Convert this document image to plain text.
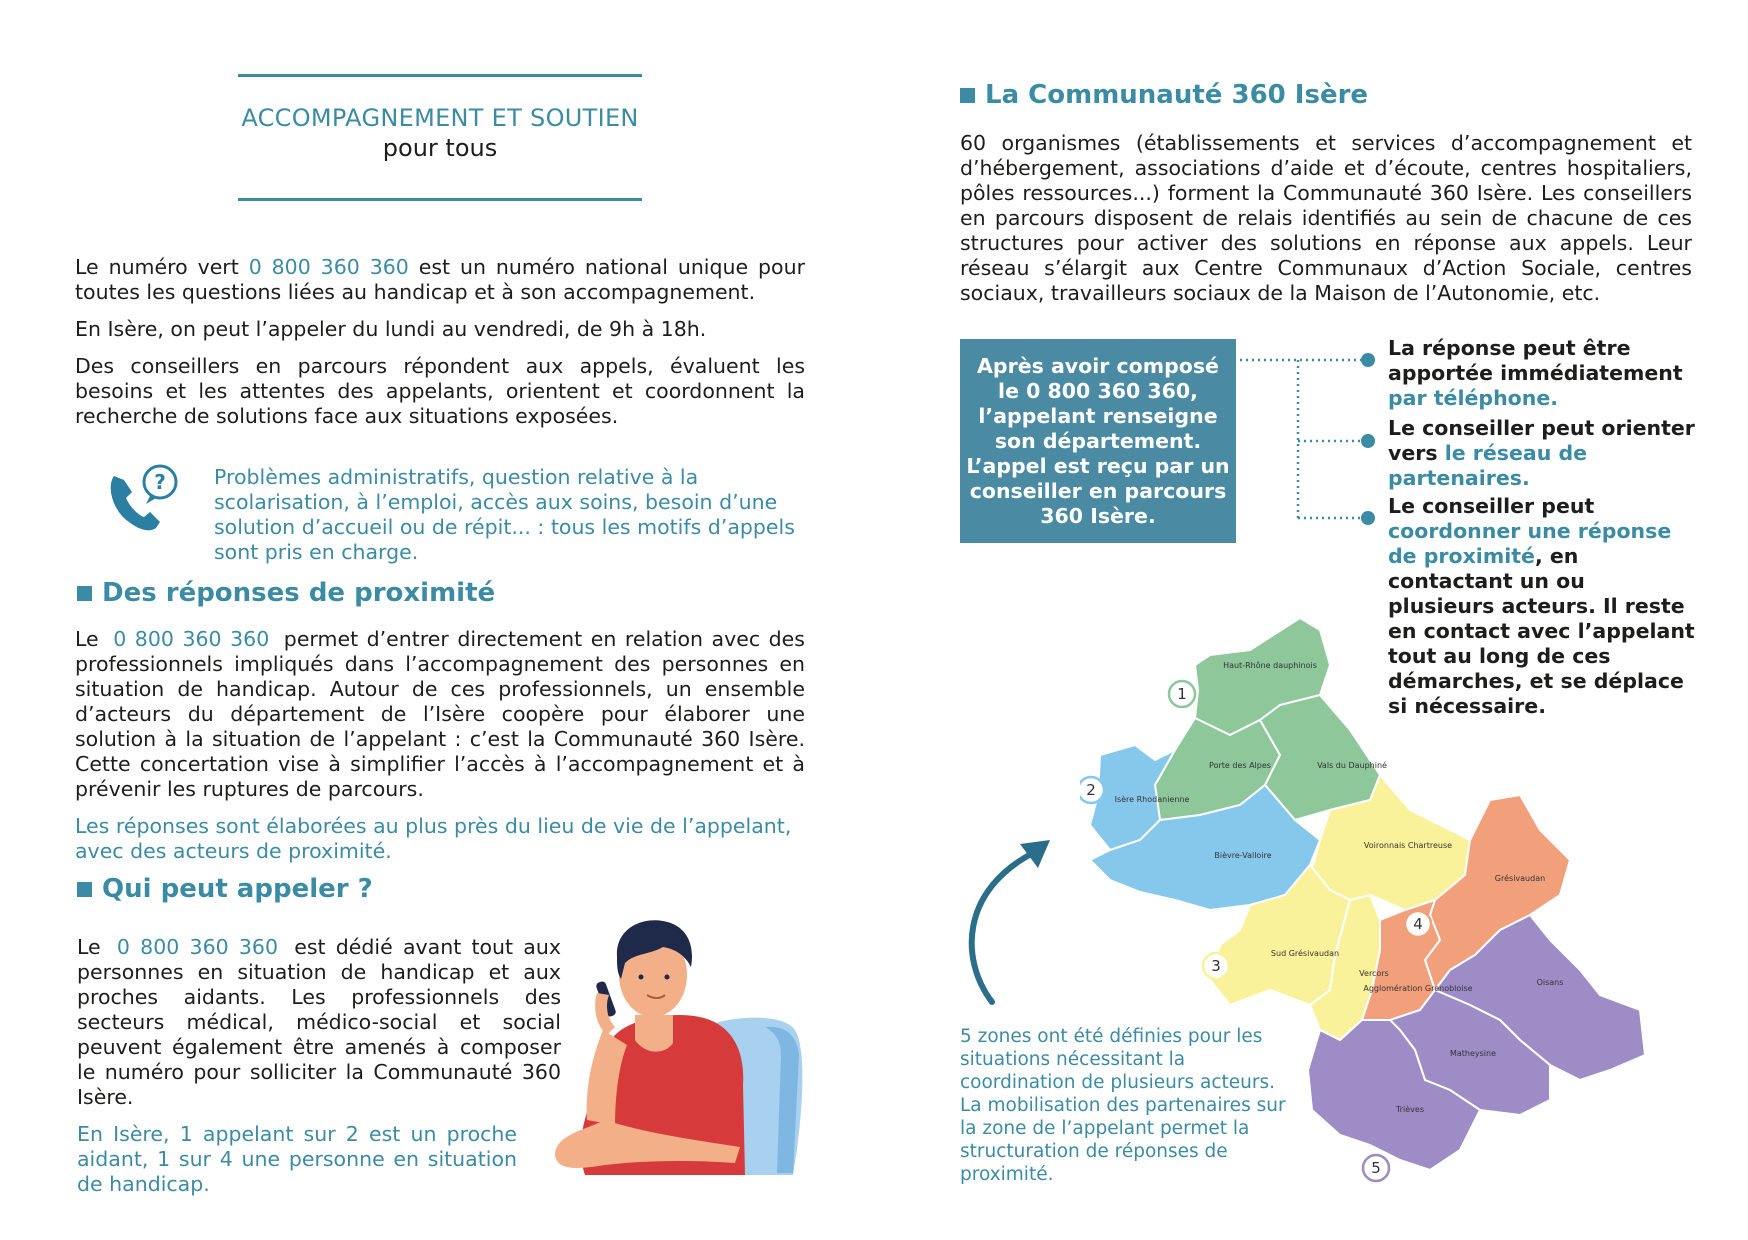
ACCOMPAGNEMENT ET SOUTIEN
pour tous

Le numéro vert 0 800 360 360 est un numéro national unique pour toutes les questions liées au handicap et à son accompagnement.

En Isère, on peut l’appeler du lundi au vendredi, de 9h à 18h.

Des conseillers en parcours répondent aux appels, évaluent les besoins et les attentes des appelants, orientent et coordonnent la recherche de solutions face aux situations exposées.

? Problèmes administratifs, question relative à la scolarisation, à l’emploi, accès aux soins, besoin d’une solution d’accueil ou de répit... : tous les motifs d’appels sont pris en charge.
Des réponses de proximité

Le 0 800 360 360 permet d’entrer directement en relation avec des professionnels impliqués dans l’accompagnement des personnes en situation de handicap. Autour de ces professionnels, un ensemble d’acteurs du département de l’Isère coopère pour élaborer une solution à la situation de l’appelant : c’est la Communauté 360 Isère. Cette concertation vise à simplifier l’accès à l’accompagnement et à prévenir les ruptures de parcours.

Les réponses sont élaborées au plus près du lieu de vie de l’appelant, avec des acteurs de proximité.

Qui peut appeler ?

Le 0 800 360 360 est dédié avant tout aux personnes en situation de handicap et aux proches aidants. Les professionnels des secteurs médical, médico-social et social peuvent également être amenés à composer le numéro pour solliciter la Communauté 360 Isère.

En Isère, 1 appelant sur 2 est un proche aidant, 1 sur 4 une personne en situation de handicap.

La Communauté 360 Isère
60 organismes (établissements et services d’accompagnement et d’hébergement, associations d’aide et d’écoute, centres hospitaliers, pôles ressources...) forment la Communauté 360 Isère. Les conseillers en parcours disposent de relais identifiés au sein de chacune de ces structures pour activer des solutions en réponse aux appels. Leur réseau s’élargit aux Centre Communaux d’Action Sociale, centres sociaux, travailleurs sociaux de la Maison de l’Autonomie, etc.
Après avoir composé le 0 800 360 360, l’appelant renseigne son département. L’appel est reçu par un conseiller en parcours 360 Isère.
La réponse peut être apportée immédiatement par téléphone.
Le conseiller peut orienter vers le réseau de partenaires.
Le conseiller peut coordonner une réponse de proximité, en contactant un ou plusieurs acteurs. Il reste en contact avec l’appelant tout au long de ces démarches, et se déplace si nécessaire.
5 zones ont été définies pour les situations nécessitant la coordination de plusieurs acteurs. La mobilisation des partenaires sur la zone de l’appelant permet la structuration de réponses de proximité.
Haut-Rhône dauphinois
Porte des Alpes	Vals du Dauphiné
Isère Rhodanienne
Bièvre-Valloire
Voironnais Chartreuse
Sud Grésivaudan
Vercors
Grésivaudan
Agglomération Grenobloise
Oisans
Matheysine
Trièves
1
2
3
4
5
